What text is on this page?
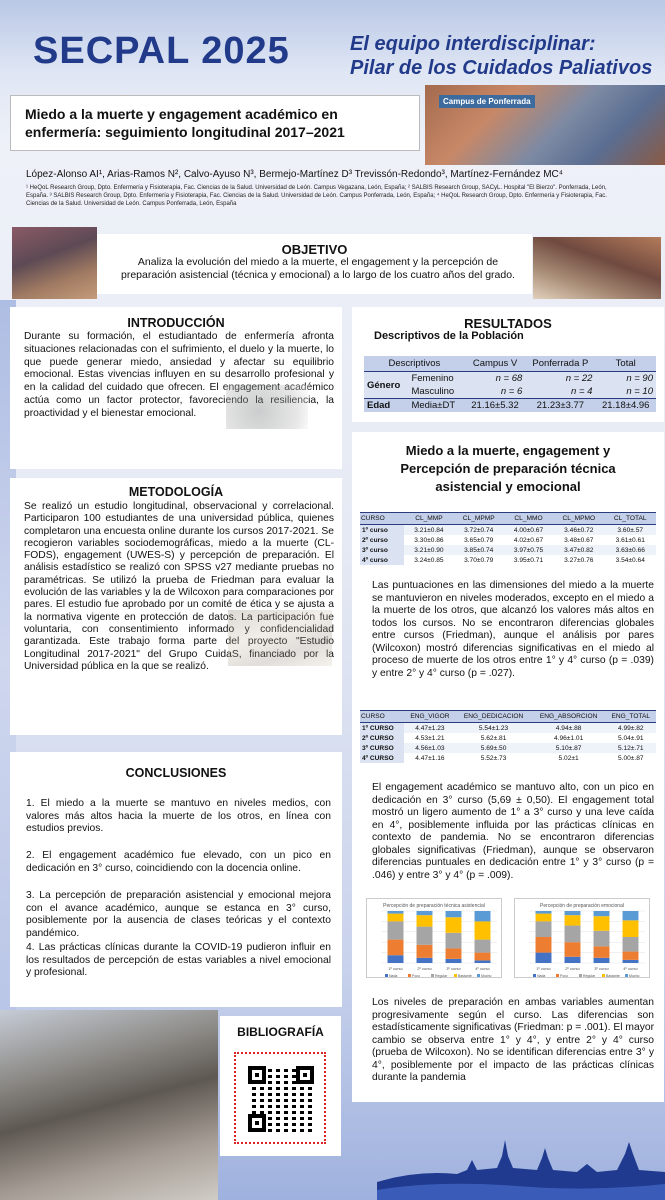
SECPAL 2025	El equipo interdisciplinar:
Pilar de los Cuidados Paliativos
Campus de Ponferrada
Miedo a la muerte y engagement académico en enfermería: seguimiento longitudinal 2017–2021
López-Alonso AI¹, Arias-Ramos N², Calvo-Ayuso N³, Bermejo-Martínez D³ Trevissón-Redondo³, Martínez-Fernández MC⁴
¹ HeQoL Research Group, Dpto. Enfermería y Fisioterapia, Fac. Ciencias de la Salud. Universidad de León. Campus Vegazana, León, España; ² SALBIS Research Group, SACyL. Hospital "El Bierzo". Ponferrada, León, España. ³ SALBIS Research Group, Dpto. Enfermería y Fisioterapia, Fac. Ciencias de la Salud. Universidad de León. Campus Ponferrada, León, España; ⁴ HeQoL Research Group, Dpto. Enfermería y Fisioterapia, Fac. Ciencias de la Salud. Universidad de León. Campus Ponferrada, León, España
OBJETIVO
Analiza la evolución del miedo a la muerte, el engagement y la percepción de preparación asistencial (técnica y emocional) a lo largo de los cuatro años del grado.
INTRODUCCIÓN

Durante su formación, el estudiantado de enfermería afronta situaciones relacionadas con el sufrimiento, el duelo y la muerte, lo que puede generar miedo, ansiedad y afectar su equilibrio emocional. Estas vivencias influyen en su desarrollo profesional y en la calidad del cuidado que ofrecen. El engagement académico actúa como un factor protector, favoreciendo la resiliencia, la proactividad y el bienestar emocional.

METODOLOGÍA

Se realizó un estudio longitudinal, observacional y correlacional. Participaron 100 estudiantes de una universidad pública, quienes completaron una encuesta online durante los cursos 2017-2021. Se recogieron variables sociodemográficas, miedo a la muerte (CL-FODS), engagement (UWES-S) y percepción de preparación. El análisis estadístico se realizó con SPSS v27 mediante pruebas no paramétricas. Se utilizó la prueba de Friedman para evaluar la evolución de las variables y la de Wilcoxon para comparaciones por pares. El estudio fue aprobado por un comité de ética y se ajusta a la normativa vigente en protección de datos. La participación fue voluntaria, con consentimiento informado y confidencialidad garantizada. Este trabajo forma parte del proyecto "Estudio Longitudinal 2017-2021" del Grupo CuidaS, financiado por la Universidad pública en la que se realizó.

CONCLUSIONES
1. El miedo a la muerte se mantuvo en niveles medios, con valores más altos hacia la muerte de los otros, en línea con estudios previos.
2. El engagement académico fue elevado, con un pico en dedicación en 3° curso, coincidiendo con la docencia online.
3. La percepción de preparación asistencial y emocional mejora con el avance académico, aunque se estanca en 3° curso, posiblemente por la ausencia de clases teóricas y el contexto pandémico.
4. Las prácticas clínicas durante la COVID-19 pudieron influir en los resultados de percepción de estas variables a nivel emocional y profesional.
BIBLIOGRAFÍA
RESULTADOS
Descriptivos de la Población
Descriptivos		Campus V	Ponferrada P	Total
Género	Femenino	n = 68	n = 22	n = 90
	Masculino	n = 6	n = 4	n = 10
Edad	Media±DT	21.16±5.32	21.23±3.77	21.18±4.96
Miedo a la muerte, engagement y
Percepción de preparación técnica
asistencial y emocional
CURSO	CL_MMP	CL_MPMP	CL_MMO	CL_MPMO	CL_TOTAL
1º curso	3.21±0.84	3.72±0.74	4.00±0.67	3.46±0.72	3.60±.57
2º curso	3.30±0.86	3.65±0.79	4.02±0.67	3.48±0.67	3.61±0.61
3º curso	3.21±0.90	3.85±0.74	3.97±0.75	3.47±0.82	3.63±0.66
4º curso	3.24±0.85	3.70±0.79	3.95±0.71	3.27±0.76	3.54±0.64
Las puntuaciones en las dimensiones del miedo a la muerte se mantuvieron en niveles moderados, excepto en el miedo a la muerte de los otros, que alcanzó los valores más altos en todos los cursos. No se encontraron diferencias globales entre cursos (Friedman), aunque el análisis por pares (Wilcoxon) mostró diferencias significativas en el miedo al proceso de muerte de los otros entre 1° y 4° curso (p = .039) y entre 2° y 4° curso (p = .027).
CURSO	ENG_VIGOR	ENG_DEDICACION	ENG_ABSORCION	ENG_TOTAL
1º CURSO	4.47±1.23	5.54±1.23	4.94±.88	4.99±.82
2º CURSO	4.53±1.21	5.62±.81	4.96±1.01	5.04±.91
3º CURSO	4.56±1.03	5.69±.50	5.10±.87	5.12±.71
4º CURSO	4.47±1.16	5.52±.73	5.02±1	5.00±.87
El engagement académico se mantuvo alto, con un pico en dedicación en 3° curso (5,69 ± 0,50). El engagement total mostró un ligero aumento de 1° a 3° curso y una leve caída en 4°, posiblemente influida por las prácticas clínicas en contexto de pandemia. No se encontraron diferencias globales significativas (Friedman), aunque se observaron diferencias puntuales en dedicación entre 1° y 3° curso (p = .046) y entre 3° y 4° (p = .009).
Percepción de preparación técnica asistencial
1º curso	2º curso	3º curso	4º curso
Nada	Poco	Regular	Bastante	Mucho
Percepción de preparación emocional
1º curso	2º curso	3º curso	4º curso
Nada	Poco	Regular	Bastante	Mucho
Los niveles de preparación en ambas variables aumentan progresivamente según el curso. Las diferencias son estadísticamente significativas (Friedman: p = .001). El mayor cambio se observa entre 1° y 4°, y entre 2° y 4° curso (prueba de Wilcoxon). No se identifican diferencias entre 3° y 4°, posiblemente por el impacto de las prácticas clínicas durante la pandemia
